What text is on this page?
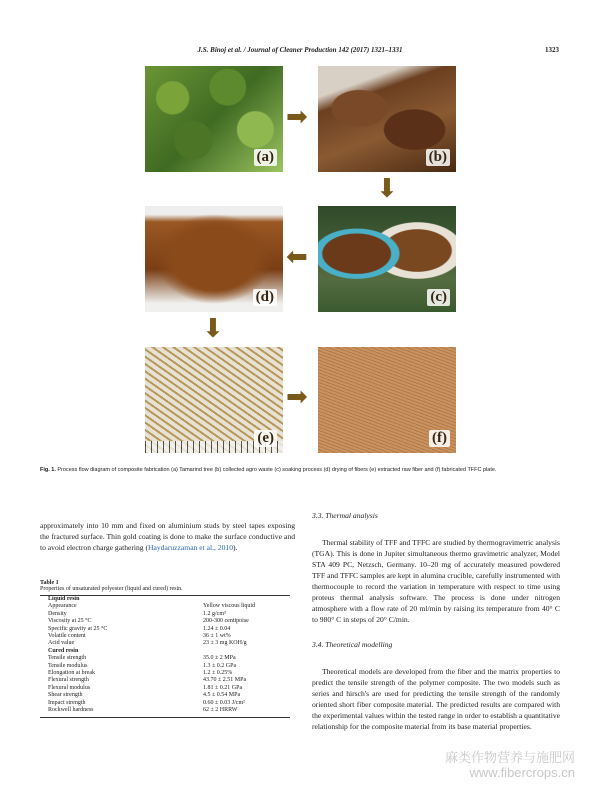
J.S. Binoj et al. / Journal of Cleaner Production 142 (2017) 1321–1331	1323
(a)
➡
(b)
⬇
(d)
⬅
(c)
⬇
(e)
➡
(f)
Fig. 1. Process flow diagram of composite fabrication (a) Tamarind tree (b) collected agro waste (c) soaking process (d) drying of fibers (e) extracted raw fiber and (f) fabricated TFFC plate.
approximately into 10 mm and fixed on aluminium studs by steel tapes exposing the fractured surface. Thin gold coating is done to make the surface conductive and to avoid electron charge gathering (Haydaruzzaman et al., 2010).
Table 1
Properties of unsaturated polyester (liquid and cured) resin.
Liquid resin
Appearance	Yellow viscous liquid
Density	1.2 g/cm³
Viscosity at 25 °C	200-300 centipoise
Specific gravity at 25 °C	1.24 ± 0.04
Volatile content	36 ± 1 wt%
Acid value	23 ± 3 mg KOH/g
Cured resin
Tensile strength	35.0 ± 2 MPa
Tensile modulus	1.3 ± 0.2 GPa
Elongation at break	1.2 ± 0.25%
Flexural strength	43.70 ± 2.51 MPa
Flexural modulus	1.81 ± 0.21 GPa
Shear strength	4.5 ± 0.54 MPa
Impact strength	0.60 ± 0.03 J/cm²
Rockwell hardness	62 ± 2 HRRW
3.3. Thermal analysis
Thermal stability of TFF and TFFC are studied by thermogravimetric analysis (TGA). This is done in Jupiter simultaneous thermo gravimetric analyzer, Model STA 409 PC, Netzsch, Germany. 10–20 mg of accurately measured powdered TFF and TFFC samples are kept in alumina crucible, carefully instrumented with thermocouple to record the variation in temperature with respect to time using proteus thermal analysis software. The process is done under nitrogen atmosphere with a flow rate of 20 ml/min by raising its temperature from 40° C to 980° C in steps of 20° C/min.
3.4. Theoretical modelling
Theoretical models are developed from the fiber and the matrix properties to predict the tensile strength of the polymer composite. The two models such as series and hirsch's are used for predicting the tensile strength of the randomly oriented short fiber composite material. The predicted results are compared with the experimental values within the tested range in order to establish a quantitative relationship for the composite material from its base material properties.
麻类作物营养与施肥网
www.fibercrops.cn
